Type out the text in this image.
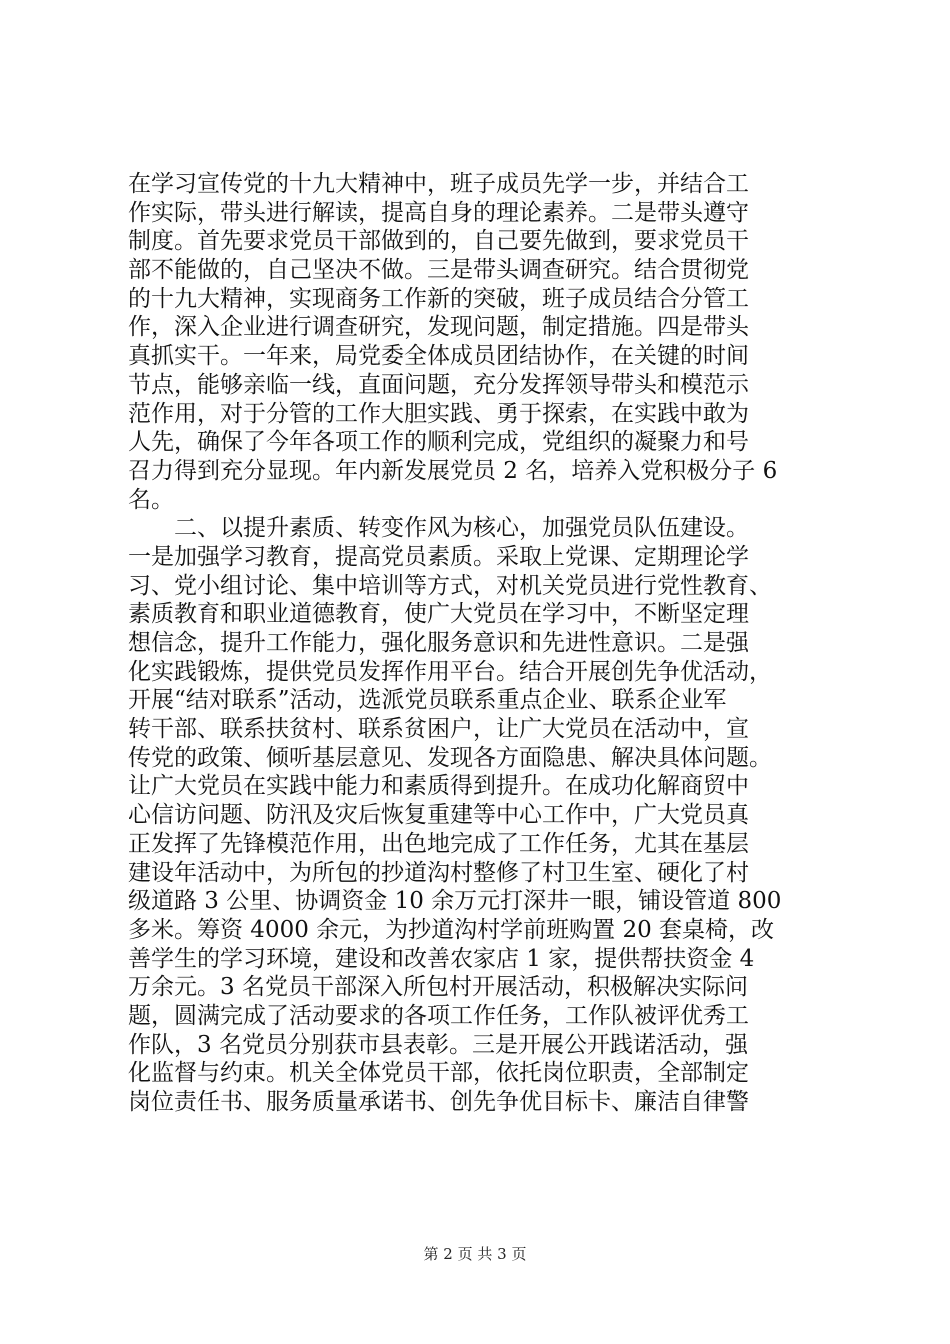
在学习宣传党的十九大精神中，班子成员先学一步，并结合工
作实际，带头进行解读，提高自身的理论素养。二是带头遵守
制度。首先要求党员干部做到的，自己要先做到，要求党员干
部不能做的，自己坚决不做。三是带头调查研究。结合贯彻党
的十九大精神，实现商务工作新的突破，班子成员结合分管工
作，深入企业进行调查研究，发现问题，制定措施。四是带头
真抓实干。一年来，局党委全体成员团结协作，在关键的时间
节点，能够亲临一线，直面问题，充分发挥领导带头和模范示
范作用，对于分管的工作大胆实践、勇于探索，在实践中敢为
人先，确保了今年各项工作的顺利完成，党组织的凝聚力和号
召力得到充分显现。年内新发展党员 2 名，培养入党积极分子 6
名。
　　二、以提升素质、转变作风为核心，加强党员队伍建设。
一是加强学习教育，提高党员素质。采取上党课、定期理论学
习、党小组讨论、集中培训等方式，对机关党员进行党性教育、
素质教育和职业道德教育，使广大党员在学习中，不断坚定理
想信念，提升工作能力，强化服务意识和先进性意识。二是强
化实践锻炼，提供党员发挥作用平台。结合开展创先争优活动，
开展“结对联系”活动，选派党员联系重点企业、联系企业军
转干部、联系扶贫村、联系贫困户，让广大党员在活动中，宣
传党的政策、倾听基层意见、发现各方面隐患、解决具体问题。
让广大党员在实践中能力和素质得到提升。在成功化解商贸中
心信访问题、防汛及灾后恢复重建等中心工作中，广大党员真
正发挥了先锋模范作用，出色地完成了工作任务，尤其在基层
建设年活动中，为所包的抄道沟村整修了村卫生室、硬化了村
级道路 3 公里、协调资金 10 余万元打深井一眼，铺设管道 800
多米。筹资 4000 余元，为抄道沟村学前班购置 20 套桌椅，改
善学生的学习环境，建设和改善农家店 1 家，提供帮扶资金 4
万余元。3 名党员干部深入所包村开展活动，积极解决实际问
题，圆满完成了活动要求的各项工作任务，工作队被评优秀工
作队，3 名党员分别获市县表彰。三是开展公开践诺活动，强
化监督与约束。机关全体党员干部，依托岗位职责，全部制定
岗位责任书、服务质量承诺书、创先争优目标卡、廉洁自律警
第 2 页 共 3 页
